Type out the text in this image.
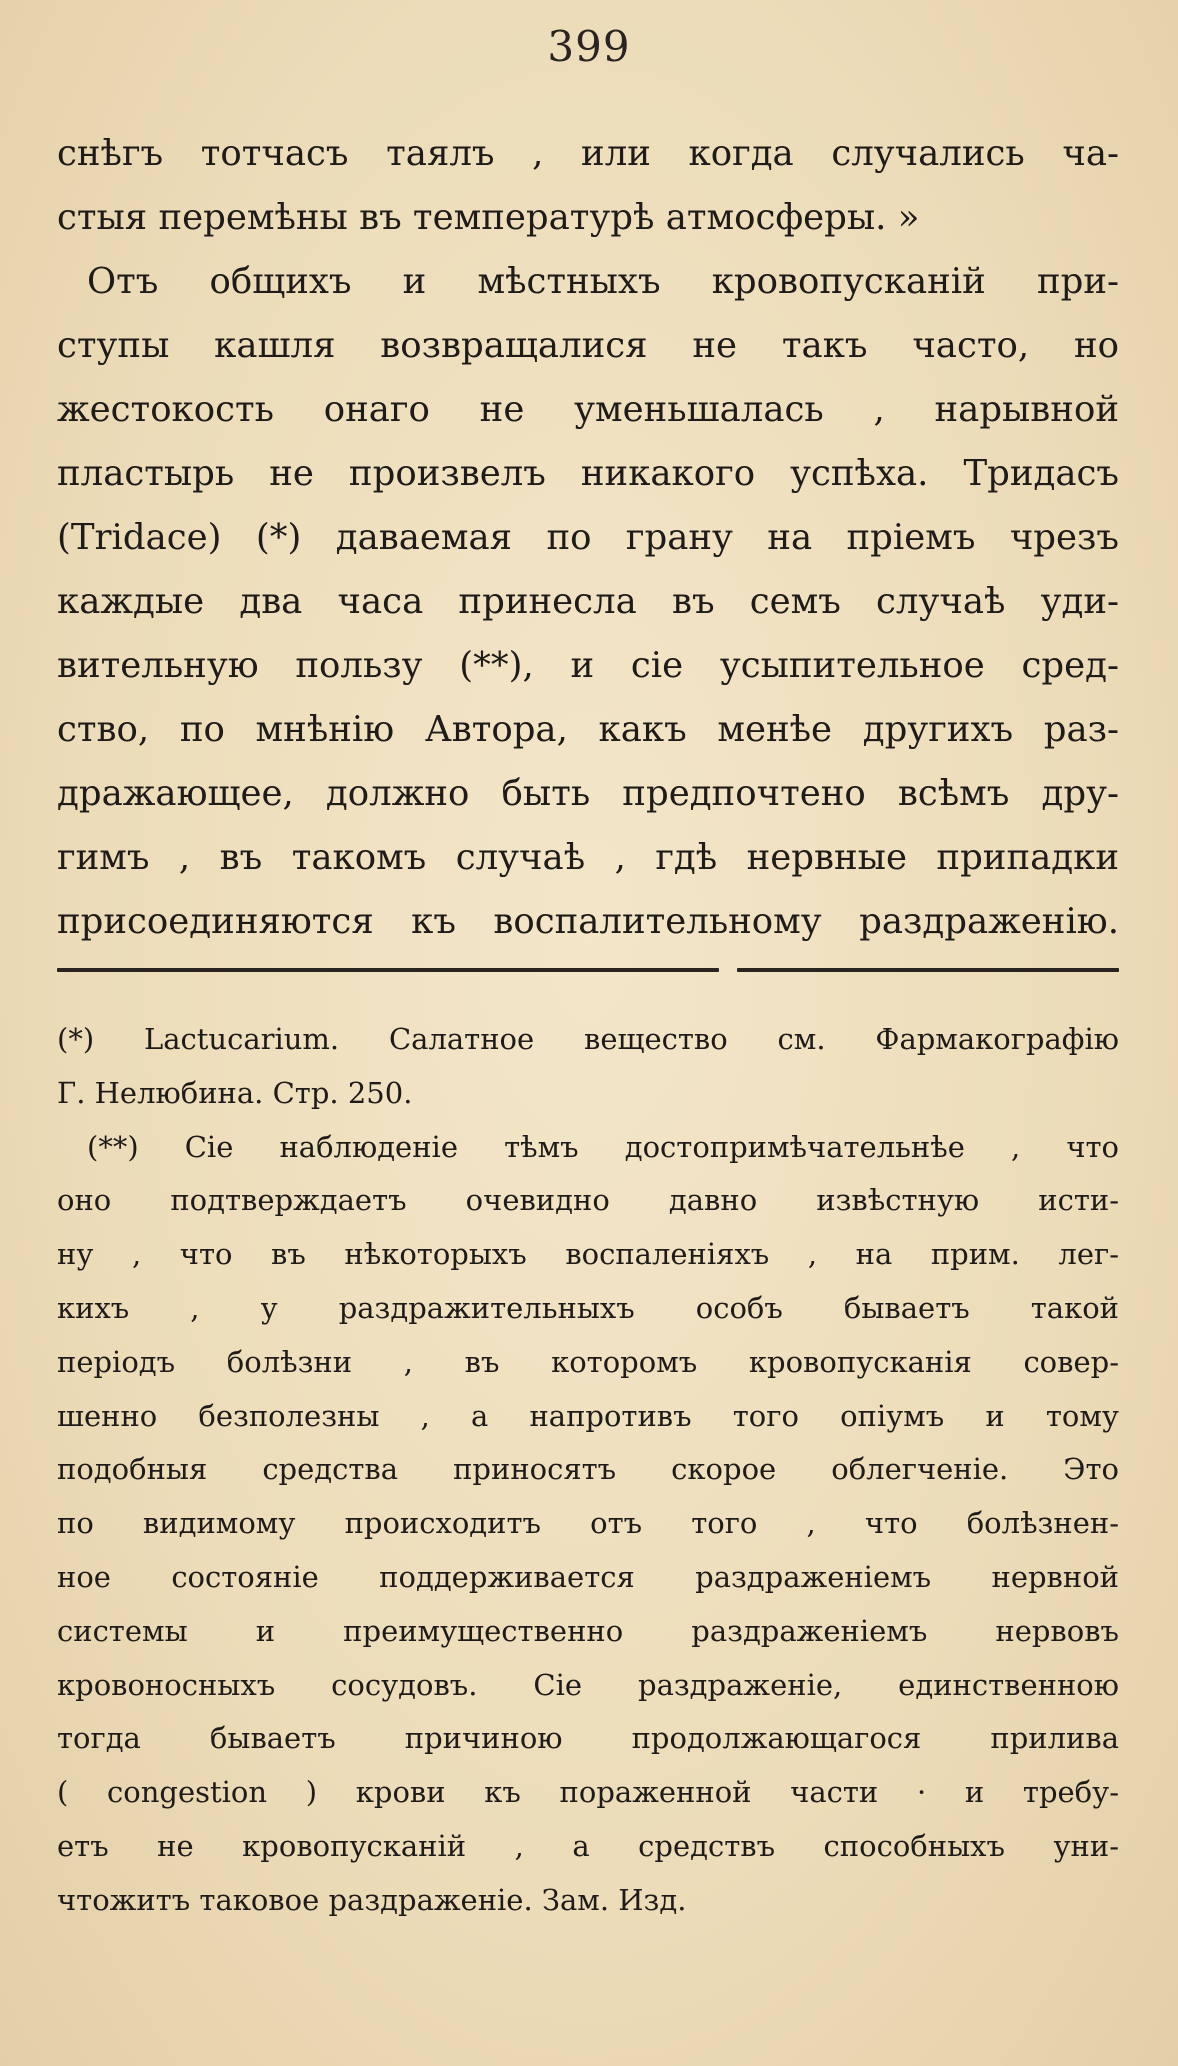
399
снѣгъ тотчасъ таялъ , или когда случались ча-
стыя перемѣны въ температурѣ атмосферы. »
Отъ общихъ и мѣстныхъ кровопусканій при-
ступы кашля возвращалися не такъ часто, но
жестокость онаго не уменьшалась , нарывной
пластырь не произвелъ никакого успѣха. Тридасъ
(Tridace) (*) даваемая по грану на пріемъ чрезъ
каждые два часа принесла въ семъ случаѣ уди-
вительную пользу (**), и сіе усыпительное сред-
ство, по мнѣнію Автора, какъ менѣе другихъ раз-
дражающее, должно быть предпочтено всѣмъ дру-
гимъ , въ такомъ случаѣ , гдѣ нервные припадки
присоединяются къ воспалительному раздраженію.
(*) Lactucarium. Салатное вещество см. Фармакографію
Г. Нелюбина. Стр. 250.
(**) Сіе наблюденіе тѣмъ достопримѣчательнѣе , что
оно подтверждаетъ очевидно давно извѣстную исти-
ну , что въ нѣкоторыхъ воспаленіяхъ , на прим. лег-
кихъ , у раздражительныхъ особъ бываетъ такой
періодъ болѣзни , въ которомъ кровопусканія совер-
шенно безполезны , а напротивъ того опіумъ и тому
подобныя средства приносятъ скорое облегченіе. Это
по видимому происходитъ отъ того , что болѣзнен-
ное состояніе поддерживается раздраженіемъ нервной
системы и преимущественно раздраженіемъ нервовъ
кровоносныхъ сосудовъ. Сіе раздраженіе, единственною
тогда бываетъ причиною продолжающагося прилива
( congestion ) крови къ пораженной части · и требу-
етъ не кровопусканій , а средствъ способныхъ уни-
чтожитъ таковое раздраженіе. Зам. Изд.
